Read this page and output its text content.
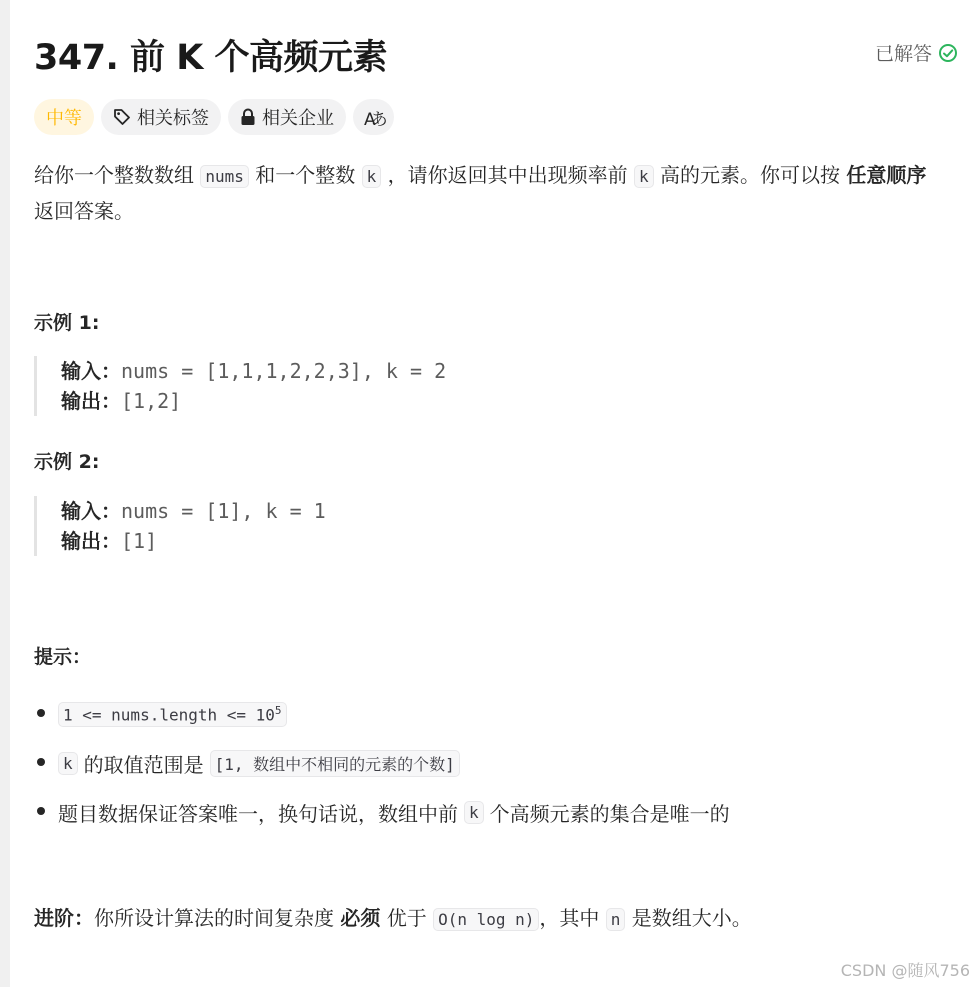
347. 前 K 个高频元素	已解答
中等	相关标签	相关企业 Aあ
给你一个整数数组 nums 和一个整数 k ，请你返回其中出现频率前 k 高的元素。你可以按 任意顺序 返回答案。
示例 1:
输入：nums = [1,1,1,2,2,3], k = 2
输出：[1,2]
示例 2:
输入：nums = [1], k = 1
输出：[1]
提示：
1 <= nums.length <= $10^5$
k 的取值范围是 [1, 数组中不相同的元素的个数]
题目数据保证答案唯一，换句话说，数组中前 k 个高频元素的集合是唯一的
进阶：你所设计算法的时间复杂度 必须 优于 O(n log n) ，其中 n 是数组大小。
CSDN @随风756
